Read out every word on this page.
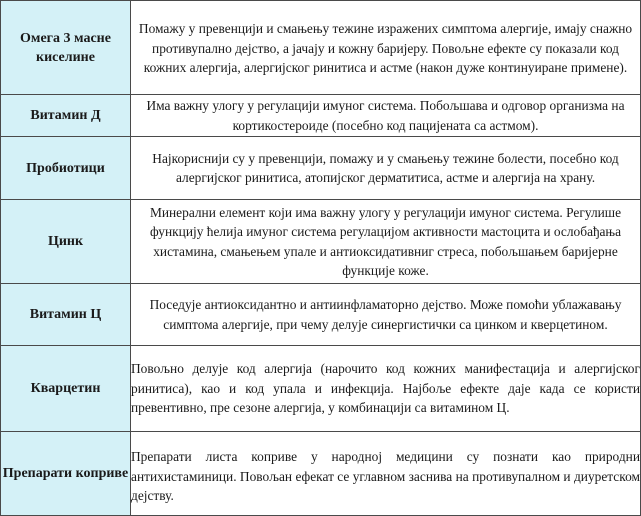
Омега 3 масне киселине	Помажу у превенцији и смањењу тежине изражених симптома алергије, имају снажно противупално дејство, а јачају и кожну баријеру. Повољне ефекте су показали код кожних алергија, алергијског ринитиса и астме (након дуже континуиране примене).
Витамин Д	Има важну улогу у регулацији имуног система. Побољшава и одговор организма на кортикостероиде (посебно код пацијената са астмом).
Пробиотици	Најкориснији су у превенцији, помажу и у смањењу тежине болести, посебно код алергијског ринитиса, атопијског дерматитиса, астме и алергија на храну.
Цинк	Минерални елемент који има важну улогу у регулацији имуног система. Регулише функцију ћелија имуног система регулацијом активности мастоцита и ослобађања хистамина, смањењем упале и антиоксидативниг стреса, побољшањем баријерне функције коже.
Витамин Ц	Поседује антиоксидантно и антиинфламаторно дејство. Може помоћи ублажавању симптома алергије, при чему делује синергистички са цинком и кверцетином.
Кварцетин	Повољно делује код алергија (нарочито код кожних манифестација и алергијског ринитиса), као и код упала и инфекција. Најбоље ефекте даје када се користи превентивно, пре сезоне алергија, у комбинацији са витамином Ц.
Препарати коприве	Препарати листа коприве у народној медицини су познати као природни антихистаминици. Повољан ефекат се углавном заснива на противупалном и диуретском дејству.
